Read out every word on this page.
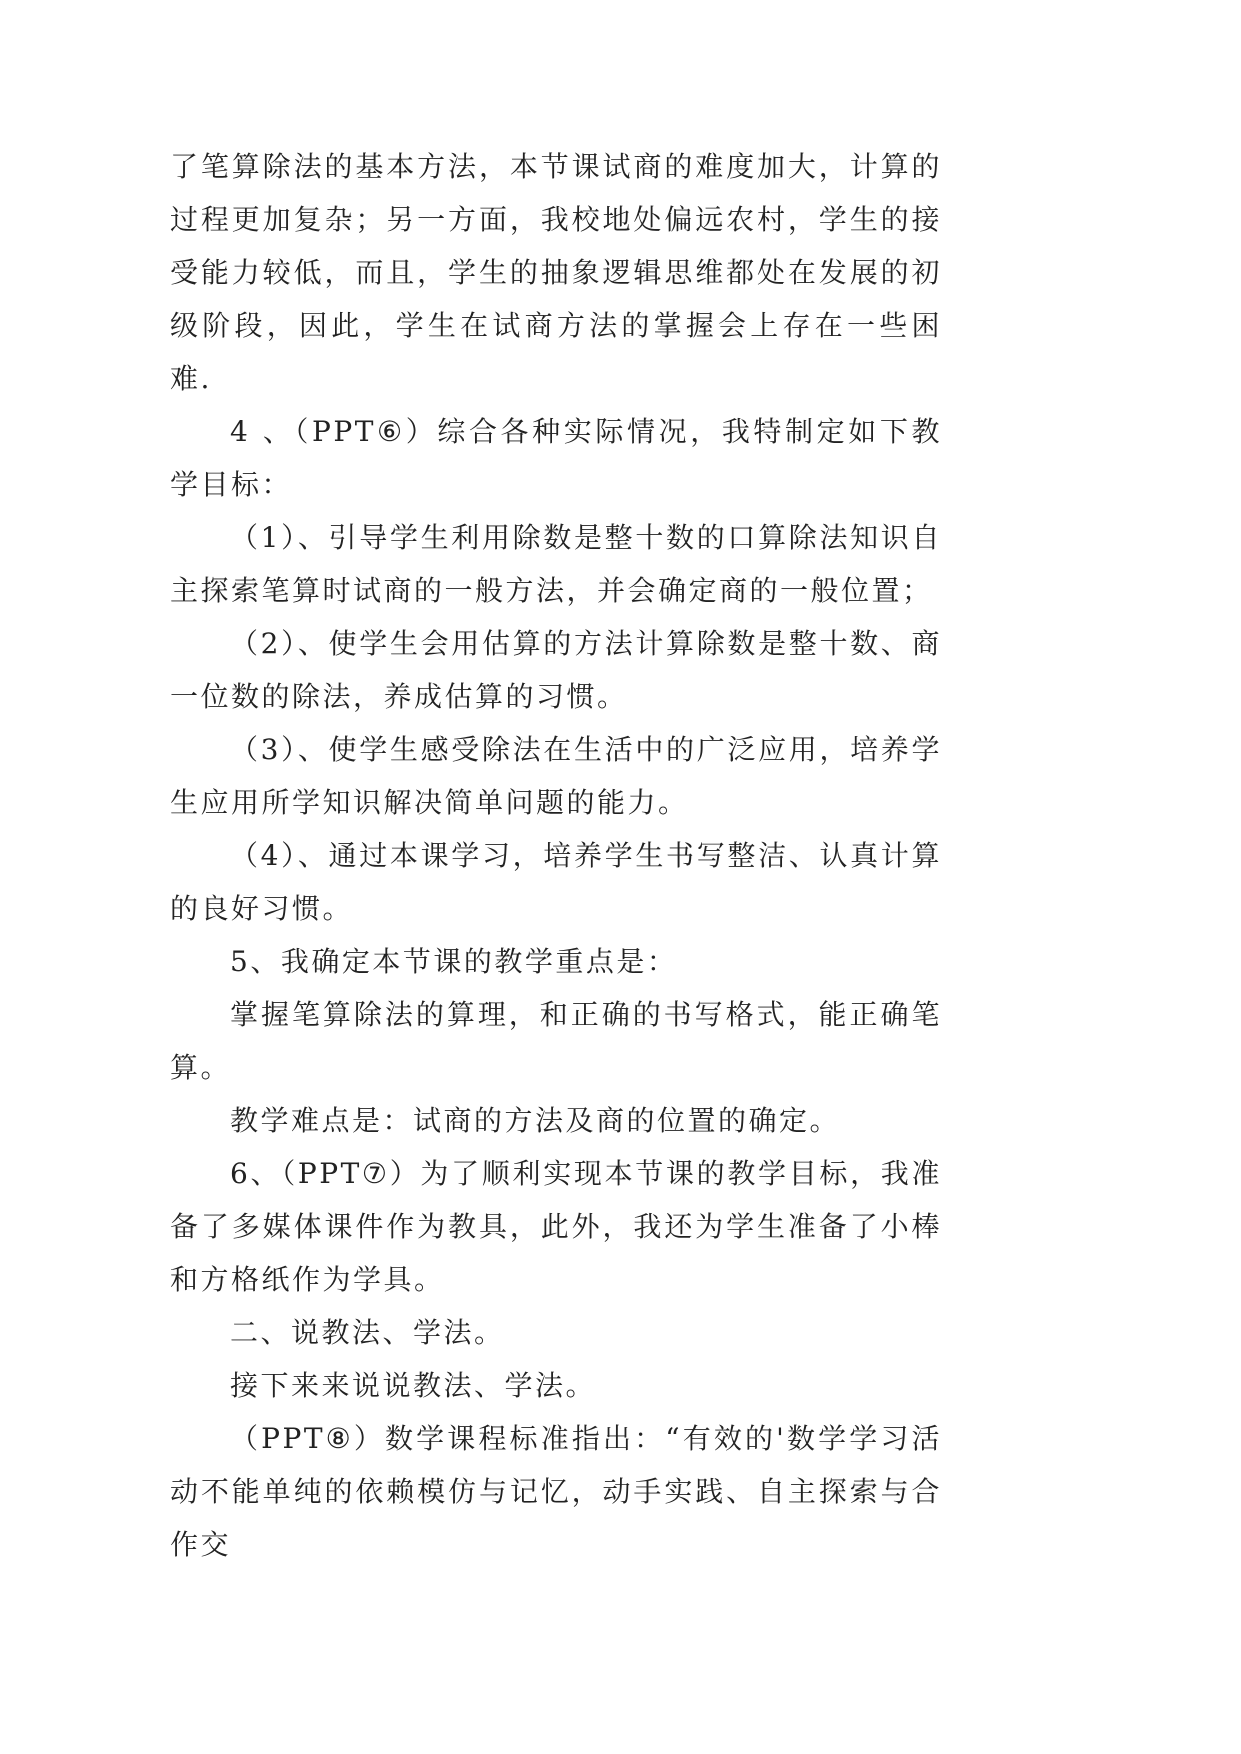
了笔算除法的基本方法，本节课试商的难度加大，计算的过程更加复杂；另一方面，我校地处偏远农村，学生的接受能力较低，而且，学生的抽象逻辑思维都处在发展的初级阶段，因此，学生在试商方法的掌握会上存在一些困难.

4 、（PPT⑥）综合各种实际情况，我特制定如下教学目标：

（1）、引导学生利用除数是整十数的口算除法知识自主探索笔算时试商的一般方法，并会确定商的一般位置；

（2）、使学生会用估算的方法计算除数是整十数、商一位数的除法，养成估算的习惯。

（3）、使学生感受除法在生活中的广泛应用，培养学生应用所学知识解决简单问题的能力。

（4）、通过本课学习，培养学生书写整洁、认真计算的良好习惯。

5、我确定本节课的教学重点是：

掌握笔算除法的算理，和正确的书写格式，能正确笔算。

教学难点是：试商的方法及商的位置的确定。

6、（PPT⑦）为了顺利实现本节课的教学目标，我准备了多媒体课件作为教具，此外，我还为学生准备了小棒和方格纸作为学具。

二、说教法、学法。

接下来来说说教法、学法。

（PPT⑧）数学课程标准指出：“有效的'数学学习活动不能单纯的依赖模仿与记忆，动手实践、自主探索与合作交
